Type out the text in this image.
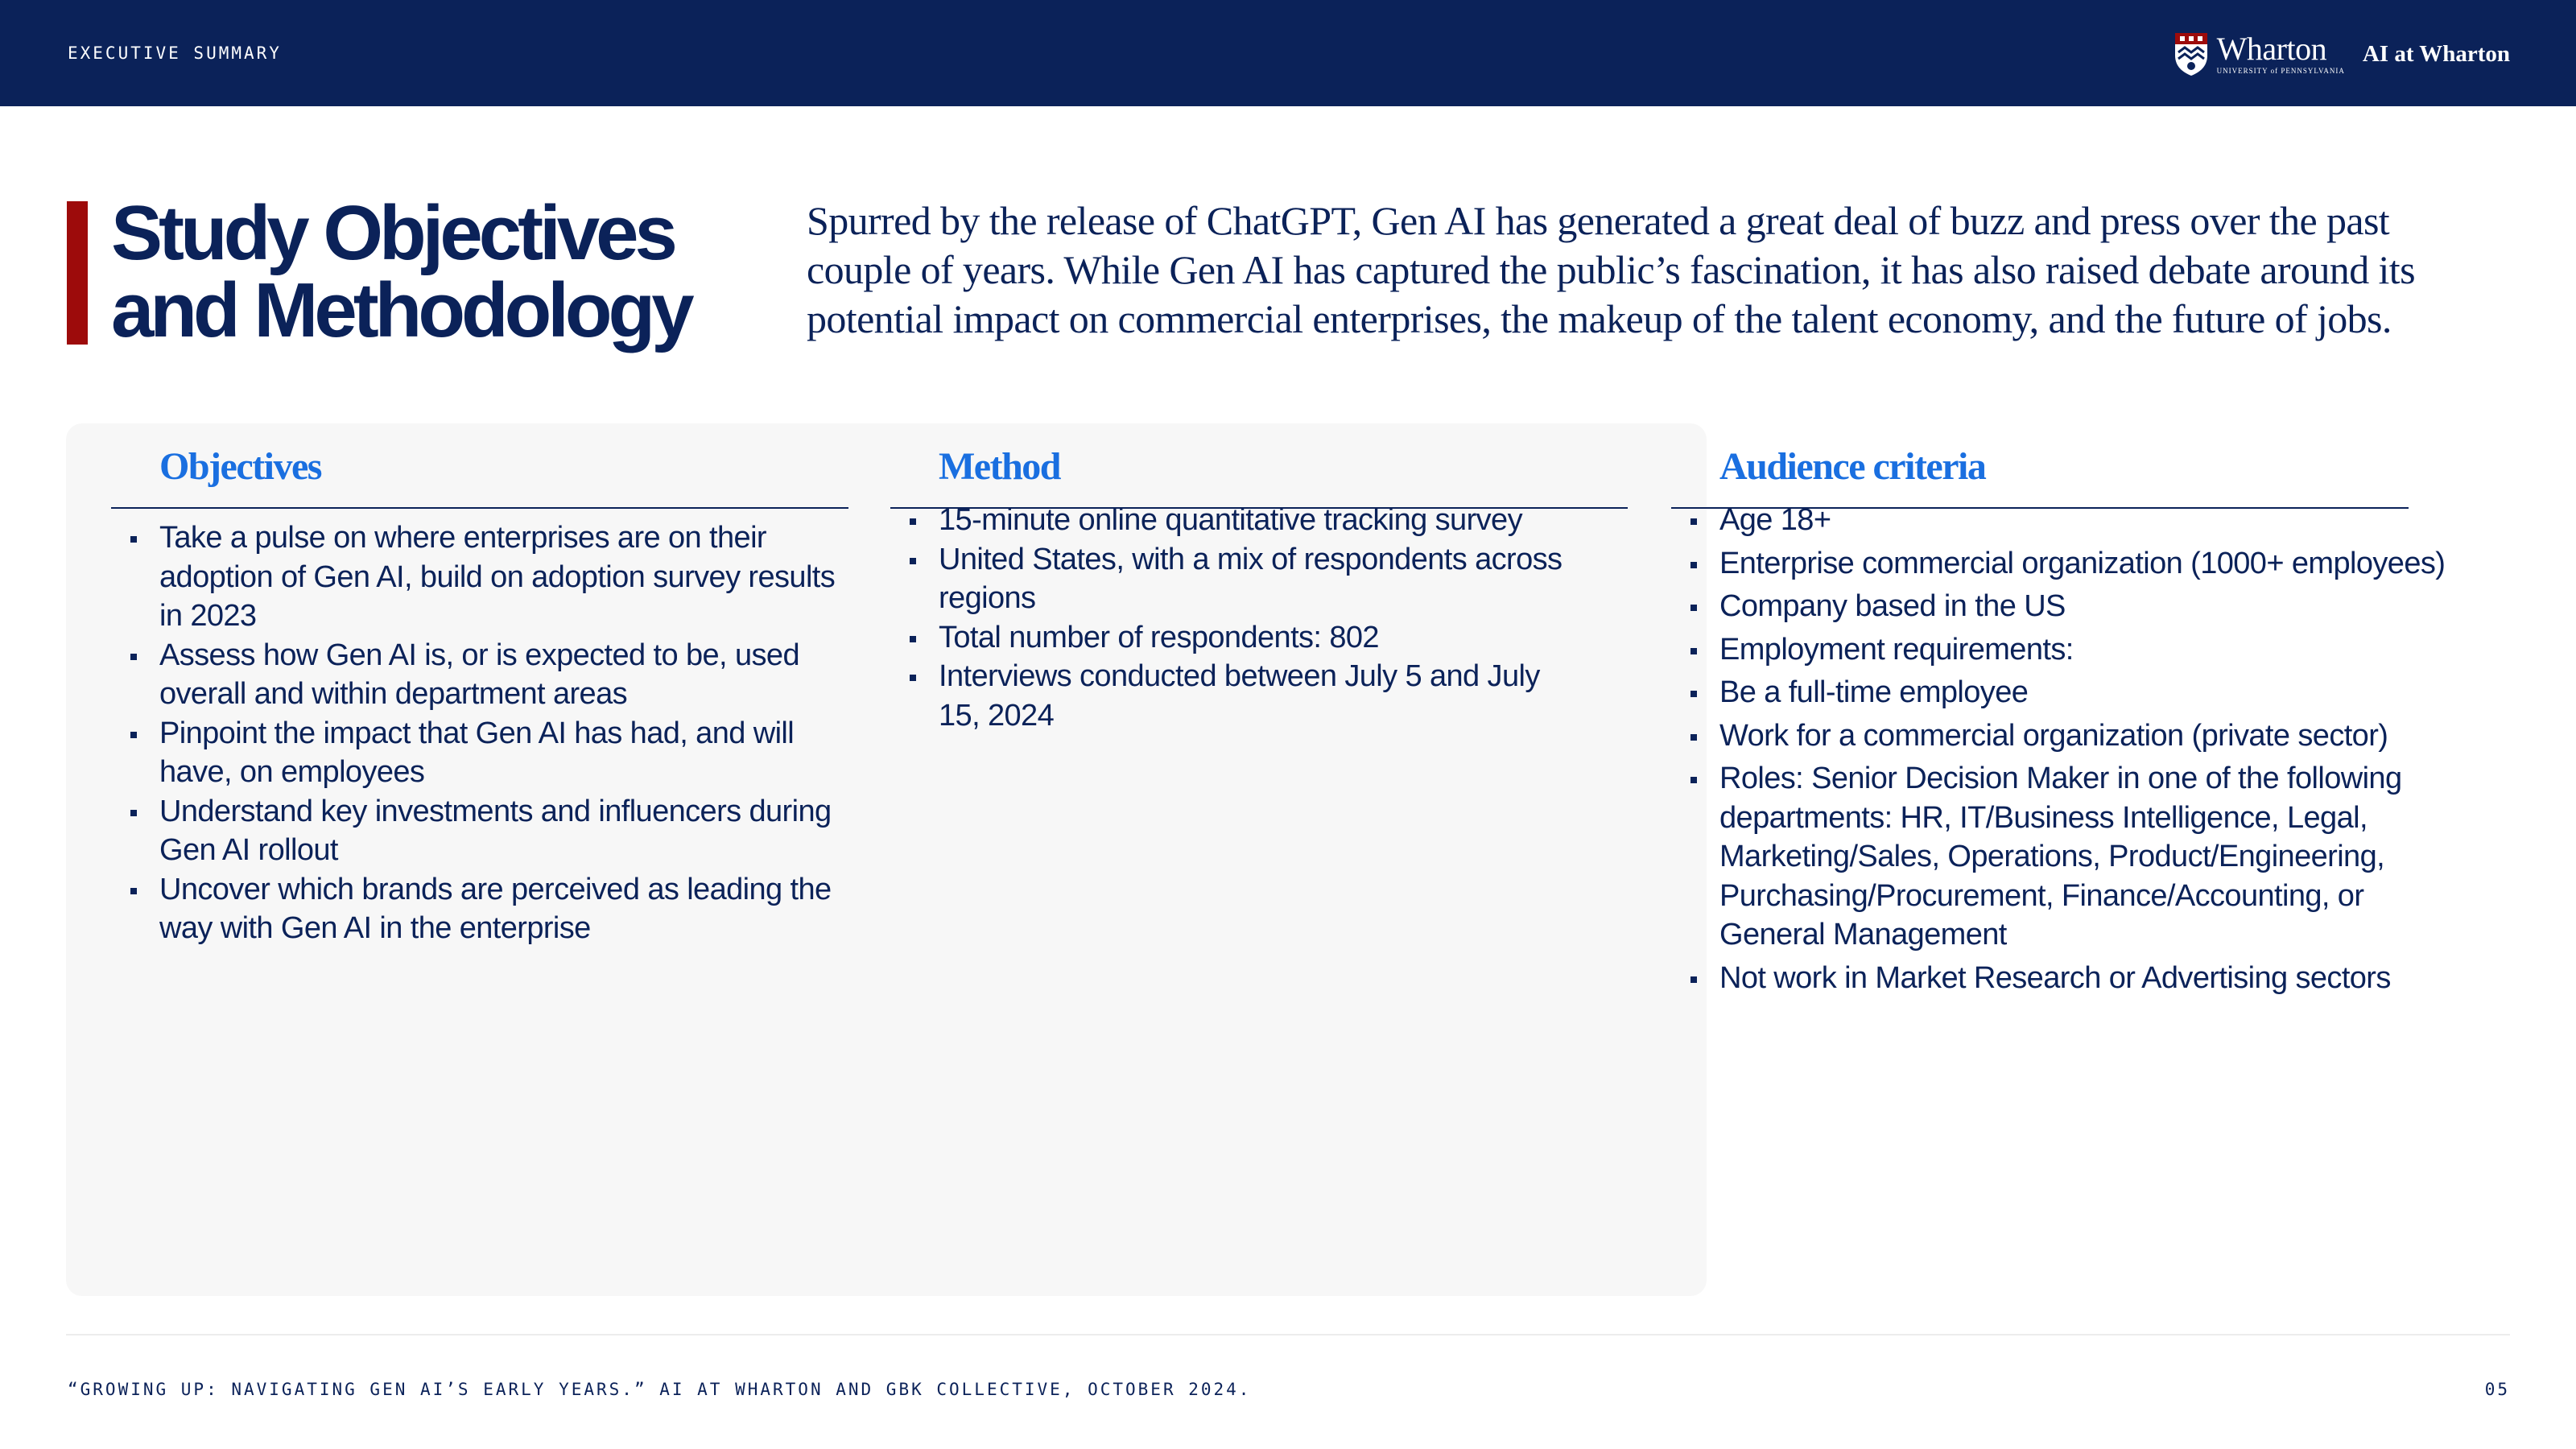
EXECUTIVE SUMMARY	Wharton
UNIVERSITY of PENNSYLVANIA
AI at Wharton
Study Objectives and Methodology

Spurred by the release of ChatGPT, Gen AI has generated a great deal of buzz and press over the past couple of years. While Gen AI has captured the public’s fascination, it has also raised debate around its potential impact on commercial enterprises, the makeup of the talent economy, and the future of jobs.

Objectives
Take a pulse on where enterprises are on their adoption of Gen AI, build on adoption survey results in 2023
Assess how Gen AI is, or is expected to be, used overall and within department areas
Pinpoint the impact that Gen AI has had, and will have, on employees
Understand key investments and influencers during Gen AI rollout
Uncover which brands are perceived as leading the way with Gen AI in the enterprise
Method
15-minute online quantitative tracking survey
United States, with a mix of respondents across regions
Total number of respondents: 802
Interviews conducted between July 5 and July 15, 2024
Audience criteria
Age 18+
Enterprise commercial organization (1000+ employees)
Company based in the US
Employment requirements:
Be a full-time employee
Work for a commercial organization (private sector)
Roles: Senior Decision Maker in one of the following departments: HR, IT/Business Intelligence, Legal, Marketing/Sales, Operations, Product/Engineering, Purchasing/Procurement, Finance/Accounting, or General Management
Not work in Market Research or Advertising sectors
“GROWING UP: NAVIGATING GEN AI’S EARLY YEARS.” AI AT WHARTON AND GBK COLLECTIVE, OCTOBER 2024.	05
